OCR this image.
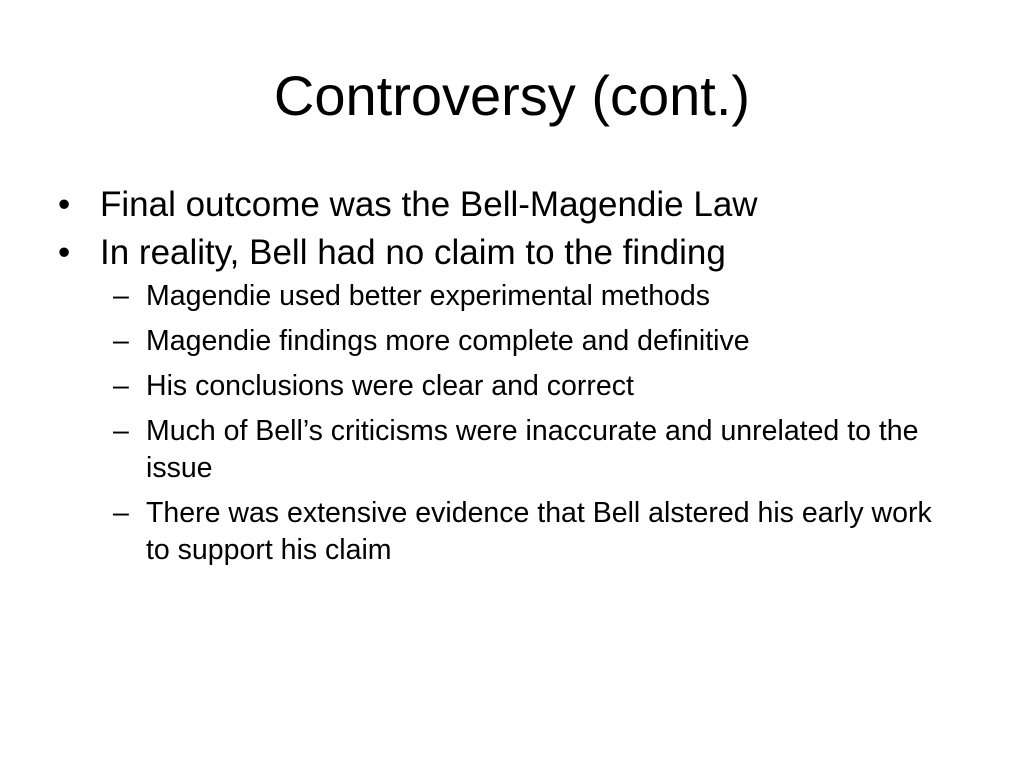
Controversy (cont.)
• Final outcome was the Bell-Magendie Law
• In reality, Bell had no claim to the finding
– Magendie used better experimental methods
– Magendie findings more complete and definitive
– His conclusions were clear and correct
– Much of Bell’s criticisms were inaccurate and unrelated to the issue
– There was extensive evidence that Bell alstered his early work to support his claim
